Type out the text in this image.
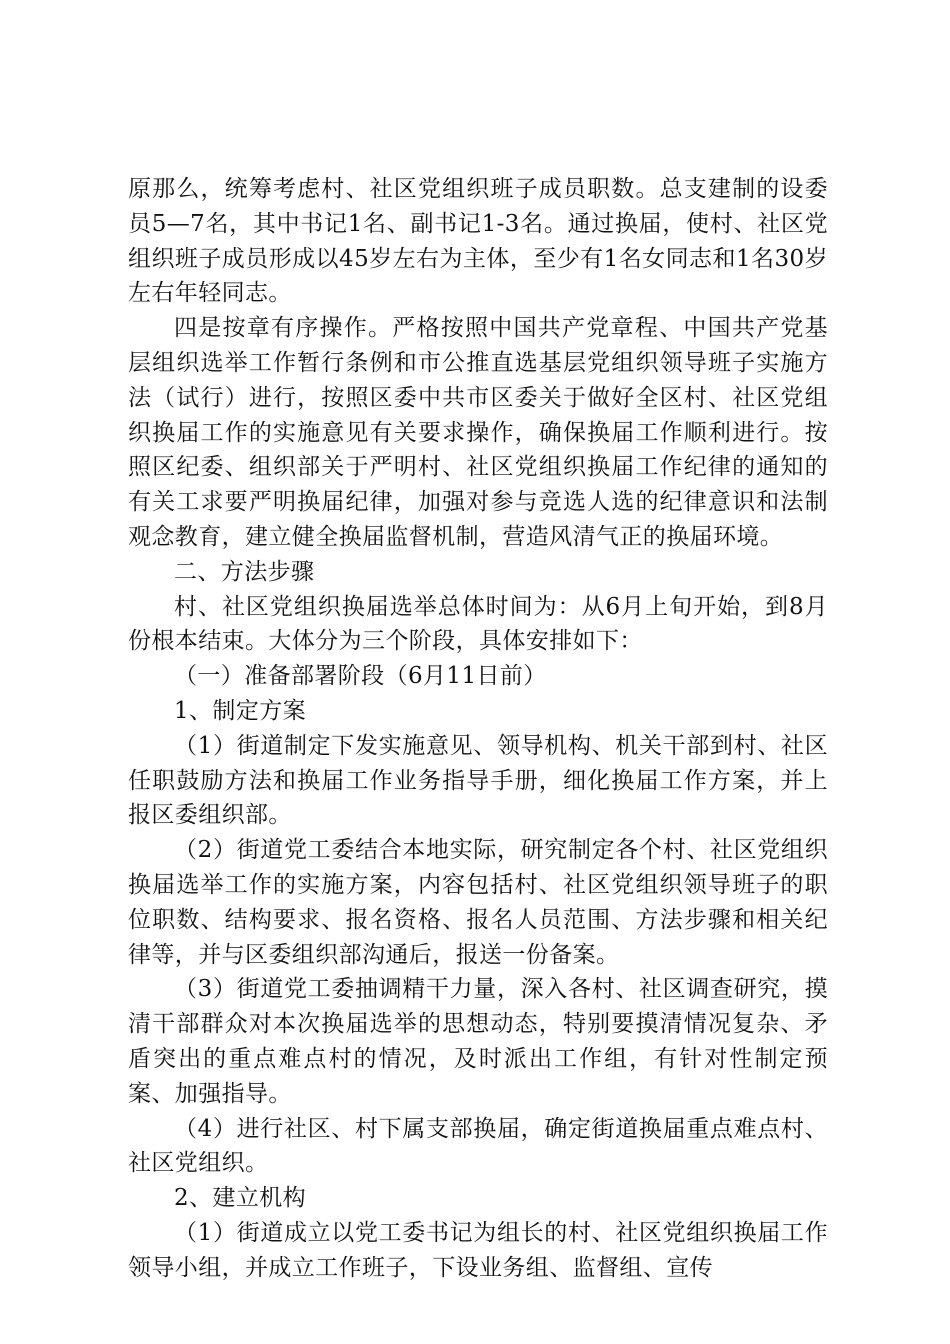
原那么，统筹考虑村、社区党组织班子成员职数。总支建制的设委员5—7名，其中书记1名、副书记1-3名。通过换届，使村、社区党组织班子成员形成以45岁左右为主体，至少有1名女同志和1名30岁左右年轻同志。

四是按章有序操作。严格按照中国共产党章程、中国共产党基层组织选举工作暂行条例和市公推直选基层党组织领导班子实施方法（试行）进行，按照区委中共市区委关于做好全区村、社区党组织换届工作的实施意见有关要求操作，确保换届工作顺利进行。按照区纪委、组织部关于严明村、社区党组织换届工作纪律的通知的有关工求要严明换届纪律，加强对参与竞选人选的纪律意识和法制观念教育，建立健全换届监督机制，营造风清气正的换届环境。

二、方法步骤

村、社区党组织换届选举总体时间为：从6月上旬开始，到8月份根本结束。大体分为三个阶段，具体安排如下：

（一）准备部署阶段（6月11日前）

1、制定方案

（1）街道制定下发实施意见、领导机构、机关干部到村、社区任职鼓励方法和换届工作业务指导手册，细化换届工作方案，并上报区委组织部。

（2）街道党工委结合本地实际，研究制定各个村、社区党组织换届选举工作的实施方案，内容包括村、社区党组织领导班子的职位职数、结构要求、报名资格、报名人员范围、方法步骤和相关纪律等，并与区委组织部沟通后，报送一份备案。

（3）街道党工委抽调精干力量，深入各村、社区调查研究，摸清干部群众对本次换届选举的思想动态，特别要摸清情况复杂、矛盾突出的重点难点村的情况，及时派出工作组，有针对性制定预案、加强指导。

（4）进行社区、村下属支部换届，确定街道换届重点难点村、社区党组织。

2、建立机构

（1）街道成立以党工委书记为组长的村、社区党组织换届工作领导小组，并成立工作班子，下设业务组、监督组、宣传
